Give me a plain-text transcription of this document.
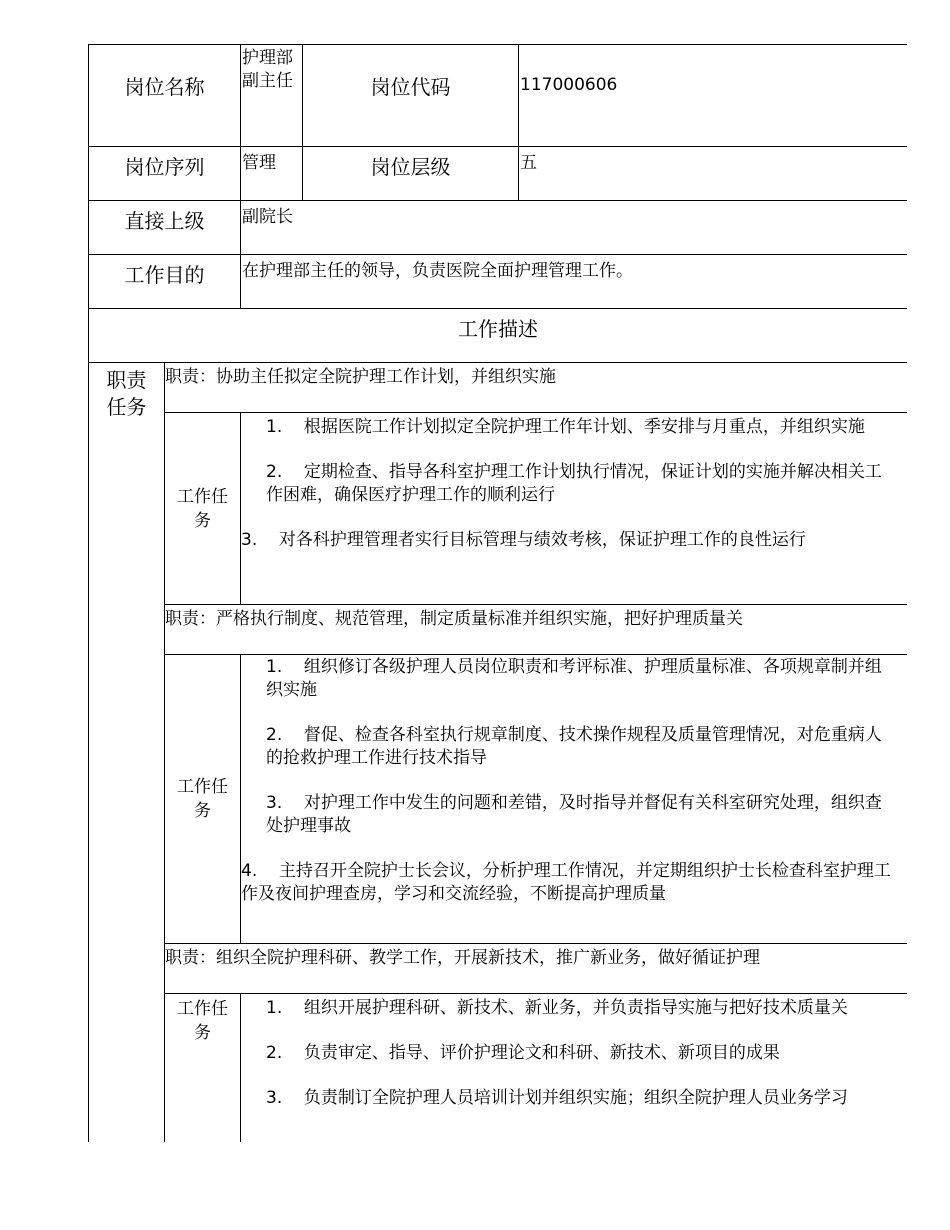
岗位名称		护理部副主任	岗位代码	117000606
岗位序列		管理	岗位层级	五
直接上级		副院长		
工作目的		在护理部主任的领导，负责医院全面护理管理工作。		
工作描述				
职责任务	职责：协助主任拟定全院护理工作计划，并组织实施			
	工作任务	1.    根据医院工作计划拟定全院护理工作年计划、季安排与月重点，并组织实施

2.    定期检查、指导各科室护理工作计划执行情况，保证计划的实施并解决相关工作困难，确保医疗护理工作的顺利运行

3.    对各科护理管理者实行目标管理与绩效考核，保证护理工作的良性运行		

	职责：严格执行制度、规范管理，制定质量标准并组织实施，把好护理质量关			
	工作任务	1.    组织修订各级护理人员岗位职责和考评标准、护理质量标准、各项规章制并组织实施

2.    督促、检查各科室执行规章制度、技术操作规程及质量管理情况，对危重病人的抢救护理工作进行技术指导

3.    对护理工作中发生的问题和差错，及时指导并督促有关科室研究处理，组织查处护理事故

4.    主持召开全院护士长会议，分析护理工作情况，并定期组织护士长检查科室护理工作及夜间护理查房，学习和交流经验，不断提高护理质量		

	职责：组织全院护理科研、教学工作，开展新技术，推广新业务，做好循证护理			
	工作任务	1.    组织开展护理科研、新技术、新业务，并负责指导实施与把好技术质量关

2.    负责审定、指导、评价护理论文和科研、新技术、新项目的成果

3.    负责制订全院护理人员培训计划并组织实施；组织全院护理人员业务学习		
